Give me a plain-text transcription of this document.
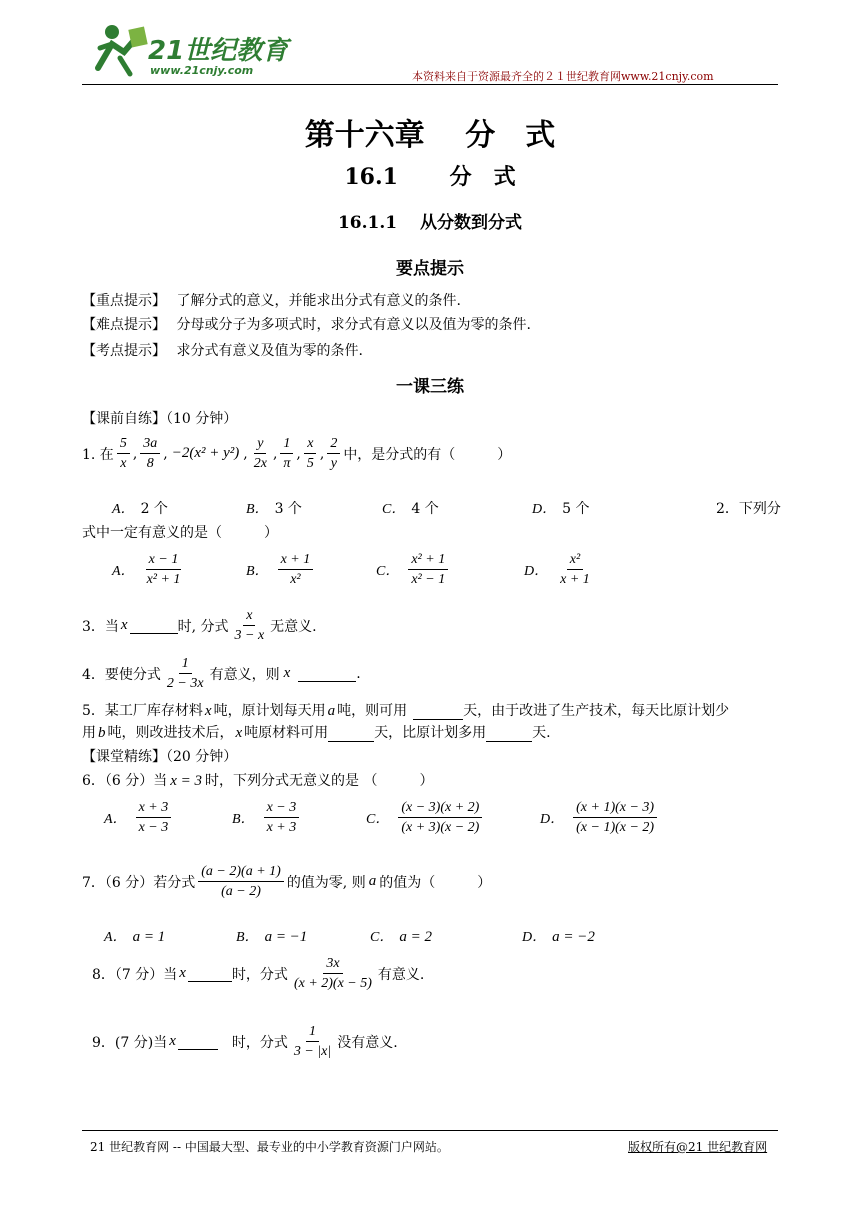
21世纪教育
www.21cnjy.com	本资料来自于资源最齐全的２１世纪教育网www.21cnjy.com
第十六章　 分　式
16.1　　 分　式
16.1.1　 从分数到分式
要点提示
【重点提示】 了解分式的意义，并能求出分式有意义的条件.
【难点提示】 分母或分子为多项式时，求分式有意义以及值为零的条件.
【考点提示】 求分式有意义及值为零的条件.
一课三练
【课前自练】（10 分钟）
1. 在 $\frac{5}{x}$ , $\frac{3a}{8}$ , −2(x² + y²) , $\frac{y}{2x}$ , $\frac{1}{\pi}$ , $\frac{x}{5}$ , $\frac{2}{y}$ 中，是分式的有（　　　）
A． 2 个	B． 3 个	C． 4 个	D． 5 个	2．下列分
式中一定有意义的是（　　　）
A． $\frac{x - 1}{\text{x² + 1}}$	B． $\frac{x + 1}{\text{x²}}$	C． $\frac{\text{x² + 1}}{\text{x² − 1}}$	D． $\frac{\text{x²}}{x + 1}$
3．当 x	时, 分式 $\frac{x}{3 - x}$ 无意义.
4．要使分式 $\frac{1}{2 - 3x}$ 有意义，则 x	.
5．某工厂库存材料 x 吨，原计划每天用 a 吨，则可用	天，由于改进了生产技术，每天比原计划少
用 b 吨，则改进技术后， x 吨原材料可用	天，比原计划多用	天.
【课堂精练】（20 分钟）
6．（6 分）当 x = 3 时，下列分式无意义的是 （　　　）
A． $\frac{x + 3}{x - 3}$	B． $\frac{x - 3}{x + 3}$	C． $\frac{(x - 3)(x + 2)}{(x + 3)(x - 2)}$	D． $\frac{(x + 1)(x - 3)}{(x - 1)(x - 2)}$
7．（6 分）若分式 $\frac{(a - 2)(a + 1)}{(a - 2)}$ 的值为零, 则 a 的值为（　　　）
A． a = 1	B． a = −1	C． a = 2	D． a = −2
8．（7 分）当 x	时，分式 $\frac{3x}{(x + 2)(x - 5)}$ 有意义.
9．(7 分)当 x	时，分式 $\frac{1}{3 - |x|}$ 没有意义.
21 世纪教育网 -- 中国最大型、最专业的中小学教育资源门户网站。	版权所有@21 世纪教育网
